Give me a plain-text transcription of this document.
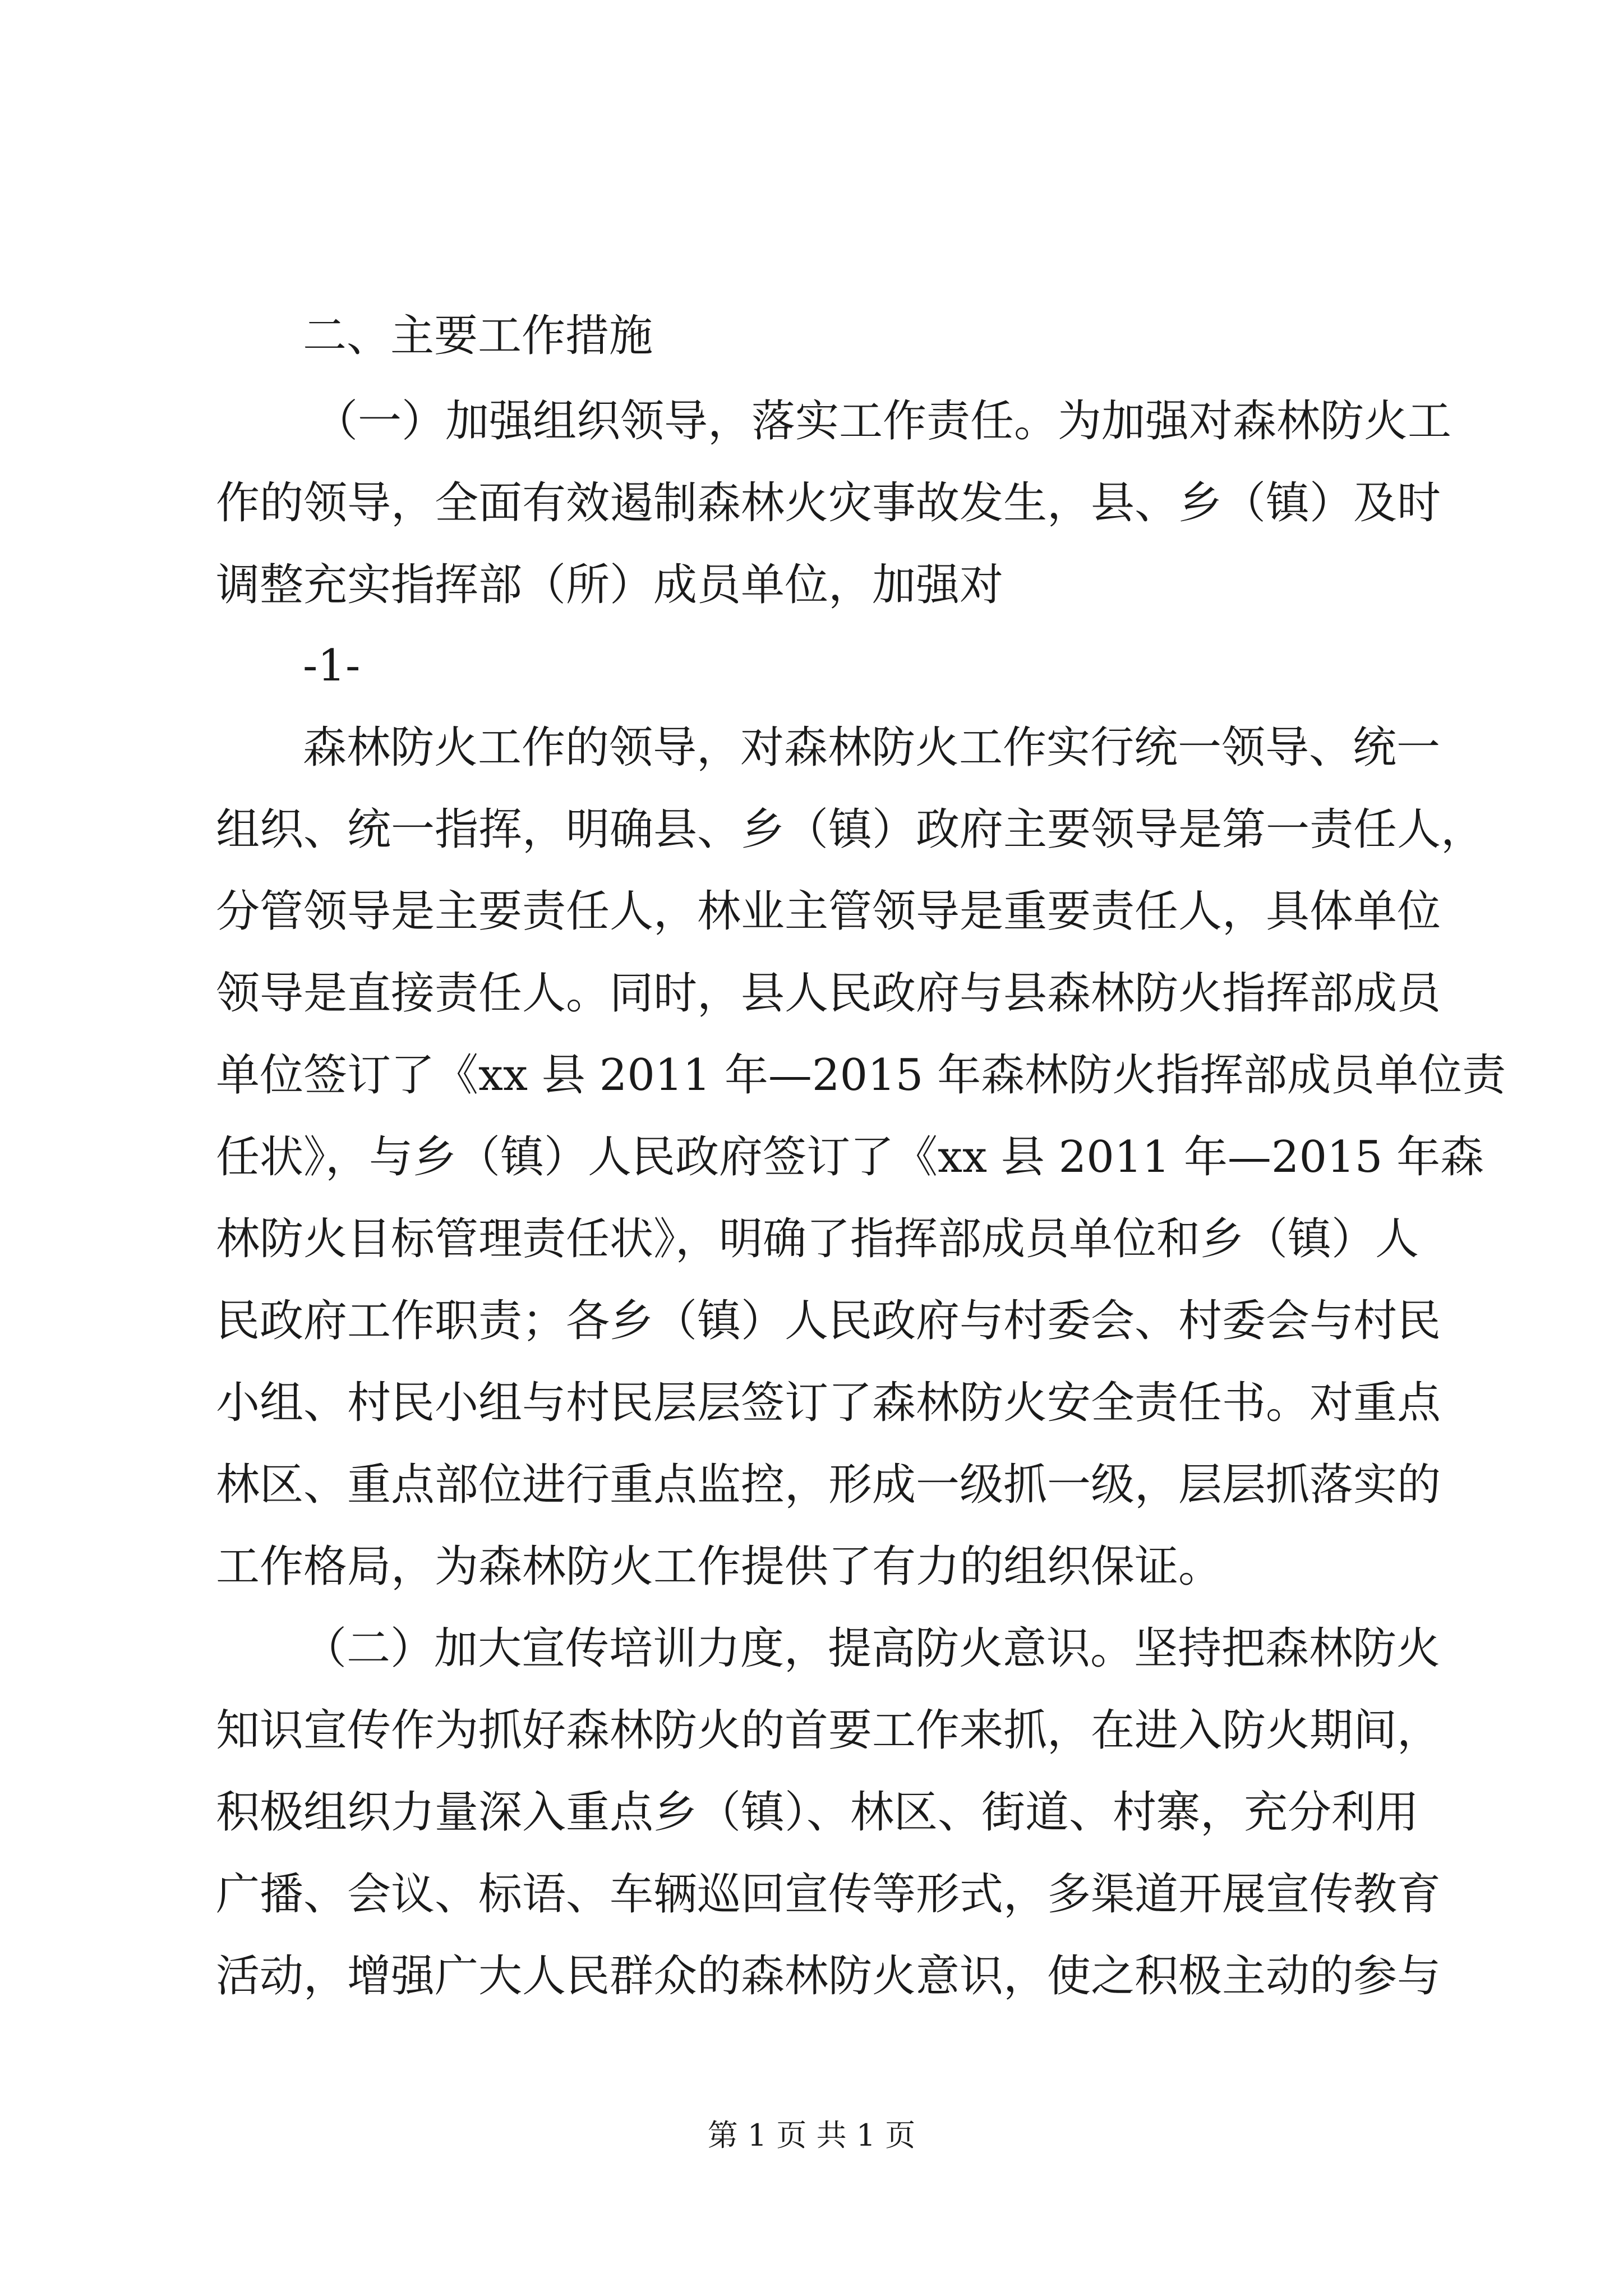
二、主要工作措施
（一）加强组织领导，落实工作责任。为加强对森林防火工
作的领导，全面有效遏制森林火灾事故发生，县、乡（镇）及时
调整充实指挥部（所）成员单位，加强对
-1-
森林防火工作的领导，对森林防火工作实行统一领导、统一
组织、统一指挥，明确县、乡（镇）政府主要领导是第一责任人，
分管领导是主要责任人，林业主管领导是重要责任人，具体单位
领导是直接责任人。同时，县人民政府与县森林防火指挥部成员
单位签订了《xx 县 2011 年—2015 年森林防火指挥部成员单位责
任状》，与乡（镇）人民政府签订了《xx 县 2011 年—2015 年森
林防火目标管理责任状》，明确了指挥部成员单位和乡（镇）人
民政府工作职责；各乡（镇）人民政府与村委会、村委会与村民
小组、村民小组与村民层层签订了森林防火安全责任书。对重点
林区、重点部位进行重点监控，形成一级抓一级，层层抓落实的
工作格局，为森林防火工作提供了有力的组织保证。
（二）加大宣传培训力度，提高防火意识。坚持把森林防火
知识宣传作为抓好森林防火的首要工作来抓，在进入防火期间，
积极组织力量深入重点乡（镇）、林区、街道、村寨，充分利用
广播、会议、标语、车辆巡回宣传等形式，多渠道开展宣传教育
活动，增强广大人民群众的森林防火意识，使之积极主动的参与
第 1 页 共 1 页
